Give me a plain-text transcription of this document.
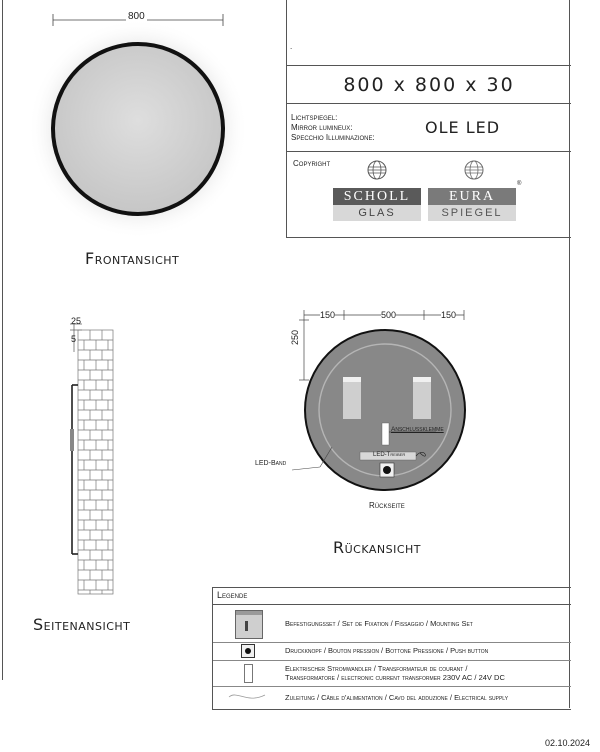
800
Frontansicht
25
5
Seitenansicht
150	500	150
250
Anschlussklemme
LED-Treiber
LED-Band
Rückseite
Rückansicht
.
800 x 800 x 30
Lichtspiegel:
Mirror lumineux:
Specchio Illuminazione:
OLE LED
Copyright
SCHOLL
GLAS
EURA
SPIEGEL
®
Legende
Befestigungsset / Set de Fixation / Fissaggio / Mounting Set
Druckknopf / Bouton pression / Bottone Pressione / Push button
Elektrischer Stromwandler / Transformateur de courant /
Transformatore / electronic current transformer 230V AC / 24V DC
Zuleitung / Câble d'alimentation / Cavo del adduzione / Electrical supply
02.10.2024
